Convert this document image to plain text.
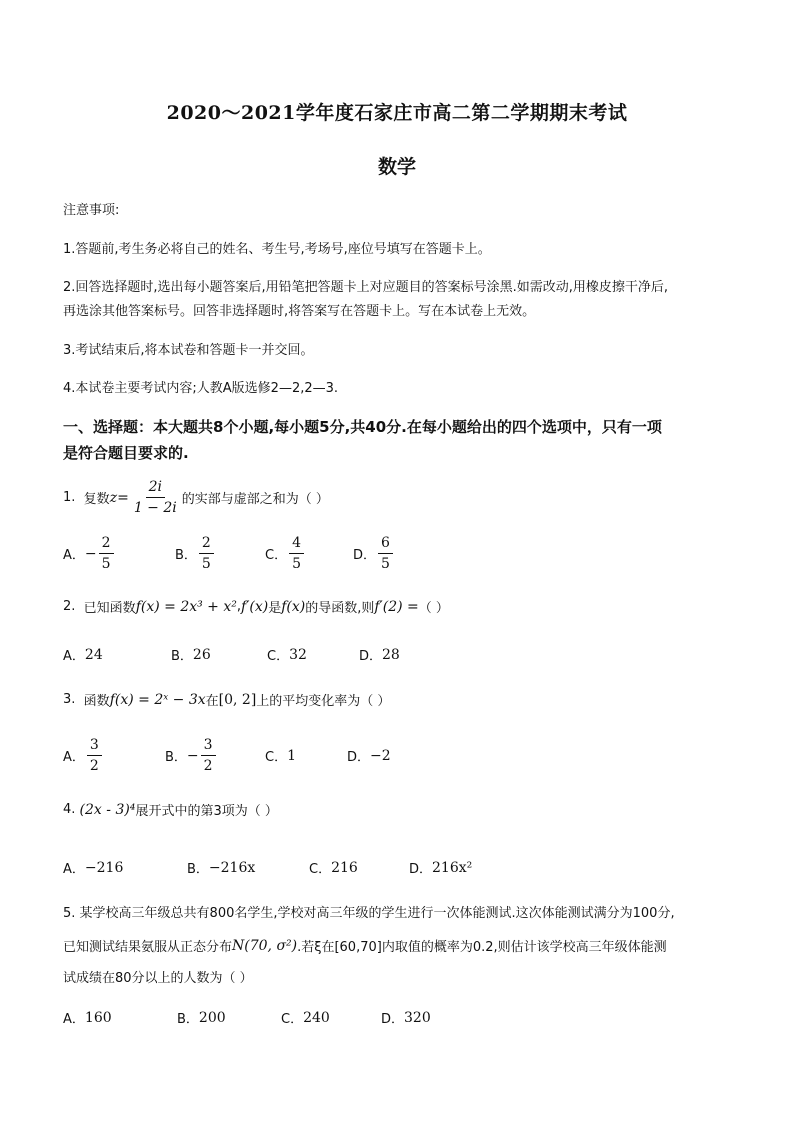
2020～2021学年度石家庄市高二第二学期期末考试
数学
注意事项:
1.答题前,考生务必将自己的姓名、考生号,考场号,座位号填写在答题卡上。
2.回答选择题时,选出每小题答案后,用铅笔把答题卡上对应题目的答案标号涂黑.如需改动,用橡皮擦干净后,
再选涂其他答案标号。回答非选择题时,将答案写在答题卡上。写在本试卷上无效。
3.考试结束后,将本试卷和答题卡一并交回。
4.本试卷主要考试内容;人教A版选修2—2,2—3.
一、选择题：本大题共8个小题,每小题5分,共40分.在每小题给出的四个选项中，只有一项
是符合题目要求的.
1.
复数 $z = \frac{2i}{1 - 2i}$ 的实部与虚部之和为（ ）
A． − $\frac{2}{5}$	B． $\frac{2}{5}$	C． $\frac{4}{5}$	D． $\frac{6}{5}$
2.
已知函数 f(x) = 2x³ + x² , f′(x) 是 f(x) 的导函数,则 f′(2) = （ ）
A． 24	B． 26	C． 32	D． 28
3.
函数 f(x) = 2ˣ − 3x 在 [0, 2] 上的平均变化率为（ ）
A． $\frac{3}{2}$	B． − $\frac{3}{2}$	C． 1	D． −2
4.
(2x - 3)⁴ 展开式中的第3项为（ ）
A． −216	B． −216x	C． 216	D． 216x²
5. 某学校高三年级总共有800名学生,学校对高三年级的学生进行一次体能测试.这次体能测试满分为100分,
已知测试结果氨服从正态分布 N(70, σ²) .若ξ在[60,70]内取值的概率为0.2,则估计该学校高三年级体能测
试成绩在80分以上的人数为（ ）
A． 160	B． 200	C． 240	D． 320
